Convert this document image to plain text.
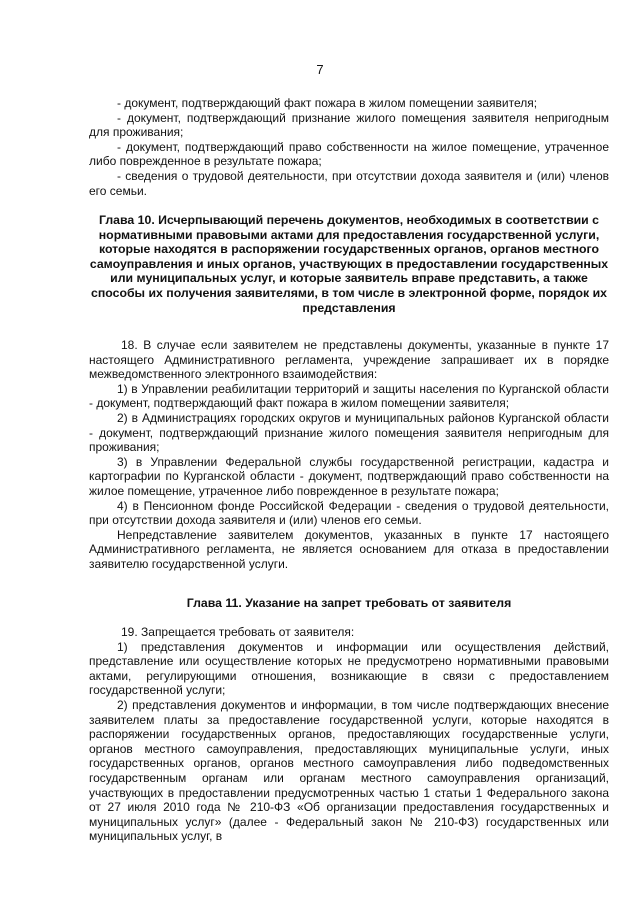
7

- документ, подтверждающий факт пожара в жилом помещении заявителя;

- документ, подтверждающий признание жилого помещения заявителя непригодным для проживания;

- документ, подтверждающий право собственности на жилое помещение, утраченное либо поврежденное в результате пожара;

- сведения о трудовой деятельности, при отсутствии дохода заявителя и (или) членов его семьи.

Глава 10. Исчерпывающий перечень документов, необходимых в соответствии с нормативными правовыми актами для предоставления государственной услуги, которые находятся в распоряжении государственных органов, органов местного самоуправления и иных органов, участвующих в предоставлении государственных или муниципальных услуг, и которые заявитель вправе представить, а также способы их получения заявителями, в том числе в электронной форме, порядок их представления

18. В случае если заявителем не представлены документы, указанные в пункте 17 настоящего Административного регламента, учреждение запрашивает их в порядке межведомственного электронного взаимодействия:

1) в Управлении реабилитации территорий и защиты населения по Курганской области - документ, подтверждающий факт пожара в жилом помещении заявителя;

2) в Администрациях городских округов и муниципальных районов Курганской области - документ, подтверждающий признание жилого помещения заявителя непригодным для проживания;

3) в Управлении Федеральной службы государственной регистрации, кадастра и картографии по Курганской области - документ, подтверждающий право собственности на жилое помещение, утраченное либо поврежденное в результате пожара;

4) в Пенсионном фонде Российской Федерации - сведения о трудовой деятельности, при отсутствии дохода заявителя и (или) членов его семьи.

Непредставление заявителем документов, указанных в пункте 17 настоящего Административного регламента, не является основанием для отказа в предоставлении заявителю государственной услуги.

Глава 11. Указание на запрет требовать от заявителя

19. Запрещается требовать от заявителя:

1) представления документов и информации или осуществления действий, представление или осуществление которых не предусмотрено нормативными правовыми актами, регулирующими отношения, возникающие в связи с предоставлением государственной услуги;

2) представления документов и информации, в том числе подтверждающих внесение заявителем платы за предоставление государственной услуги, которые находятся в распоряжении государственных органов, предоставляющих государственные услуги, органов местного самоуправления, предоставляющих муниципальные услуги, иных государственных органов, органов местного самоуправления либо подведомственных государственным органам или органам местного самоуправления организаций, участвующих в предоставлении предусмотренных частью 1 статьи 1 Федерального закона от 27 июля 2010 года № 210-ФЗ «Об организации предоставления государственных и муниципальных услуг» (далее - Федеральный закон № 210-ФЗ) государственных или муниципальных услуг, в
